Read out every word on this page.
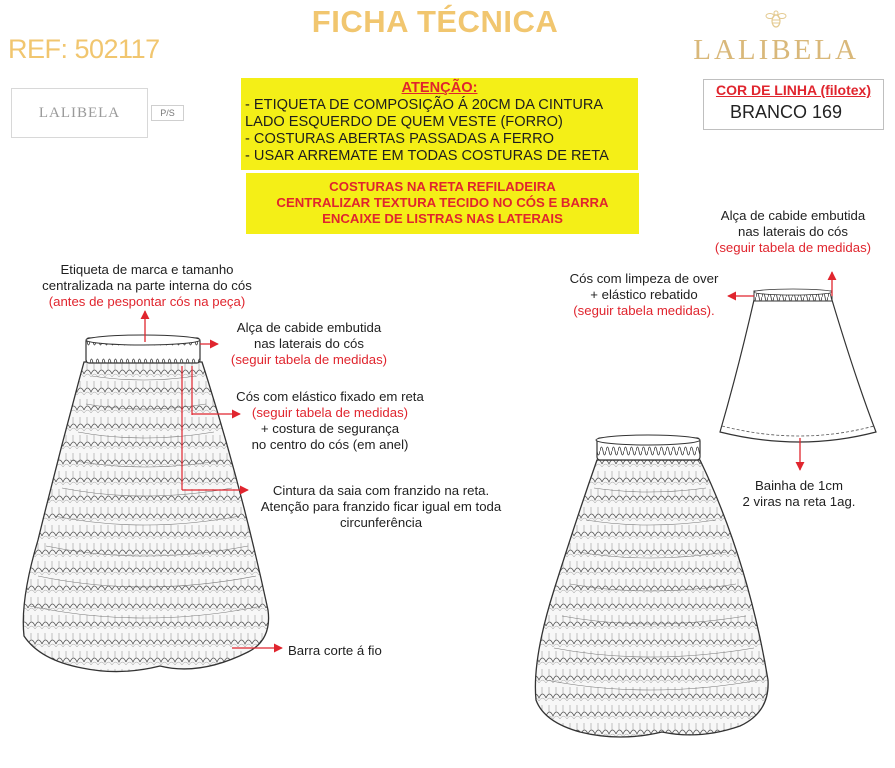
FICHA TÉCNICA
REF: 502117	LALIBELA
LALIBELA	P/S
ATENÇÃO:
- ETIQUETA DE COMPOSIÇÃO Á 20CM DA CINTURA
LADO ESQUERDO DE QUEM VESTE (FORRO)
- COSTURAS ABERTAS PASSADAS A FERRO
- USAR ARREMATE EM TODAS COSTURAS DE RETA
COSTURAS NA RETA REFILADEIRA
CENTRALIZAR TEXTURA TECIDO NO CÓS E BARRA
ENCAIXE DE LISTRAS NAS LATERAIS
COR DE LINHA (filotex)
BRANCO 169
Etiqueta de marca e tamanho
centralizada na parte interna do cós
(antes de pespontar cós na peça)
Alça de cabide embutida
nas laterais do cós
(seguir tabela de medidas)
Cós com elástico fixado em reta
(seguir tabela de medidas)
+ costura de segurança
no centro do cós (em anel)
Cintura da saia com franzido na reta.
Atenção para franzido ficar igual em toda
circunferência
Barra corte á fio
Alça de cabide embutida
nas laterais do cós
(seguir tabela de medidas)
Cós com limpeza de over
+ elástico rebatido
(seguir tabela medidas).
Bainha de 1cm
2 viras na reta 1ag.
